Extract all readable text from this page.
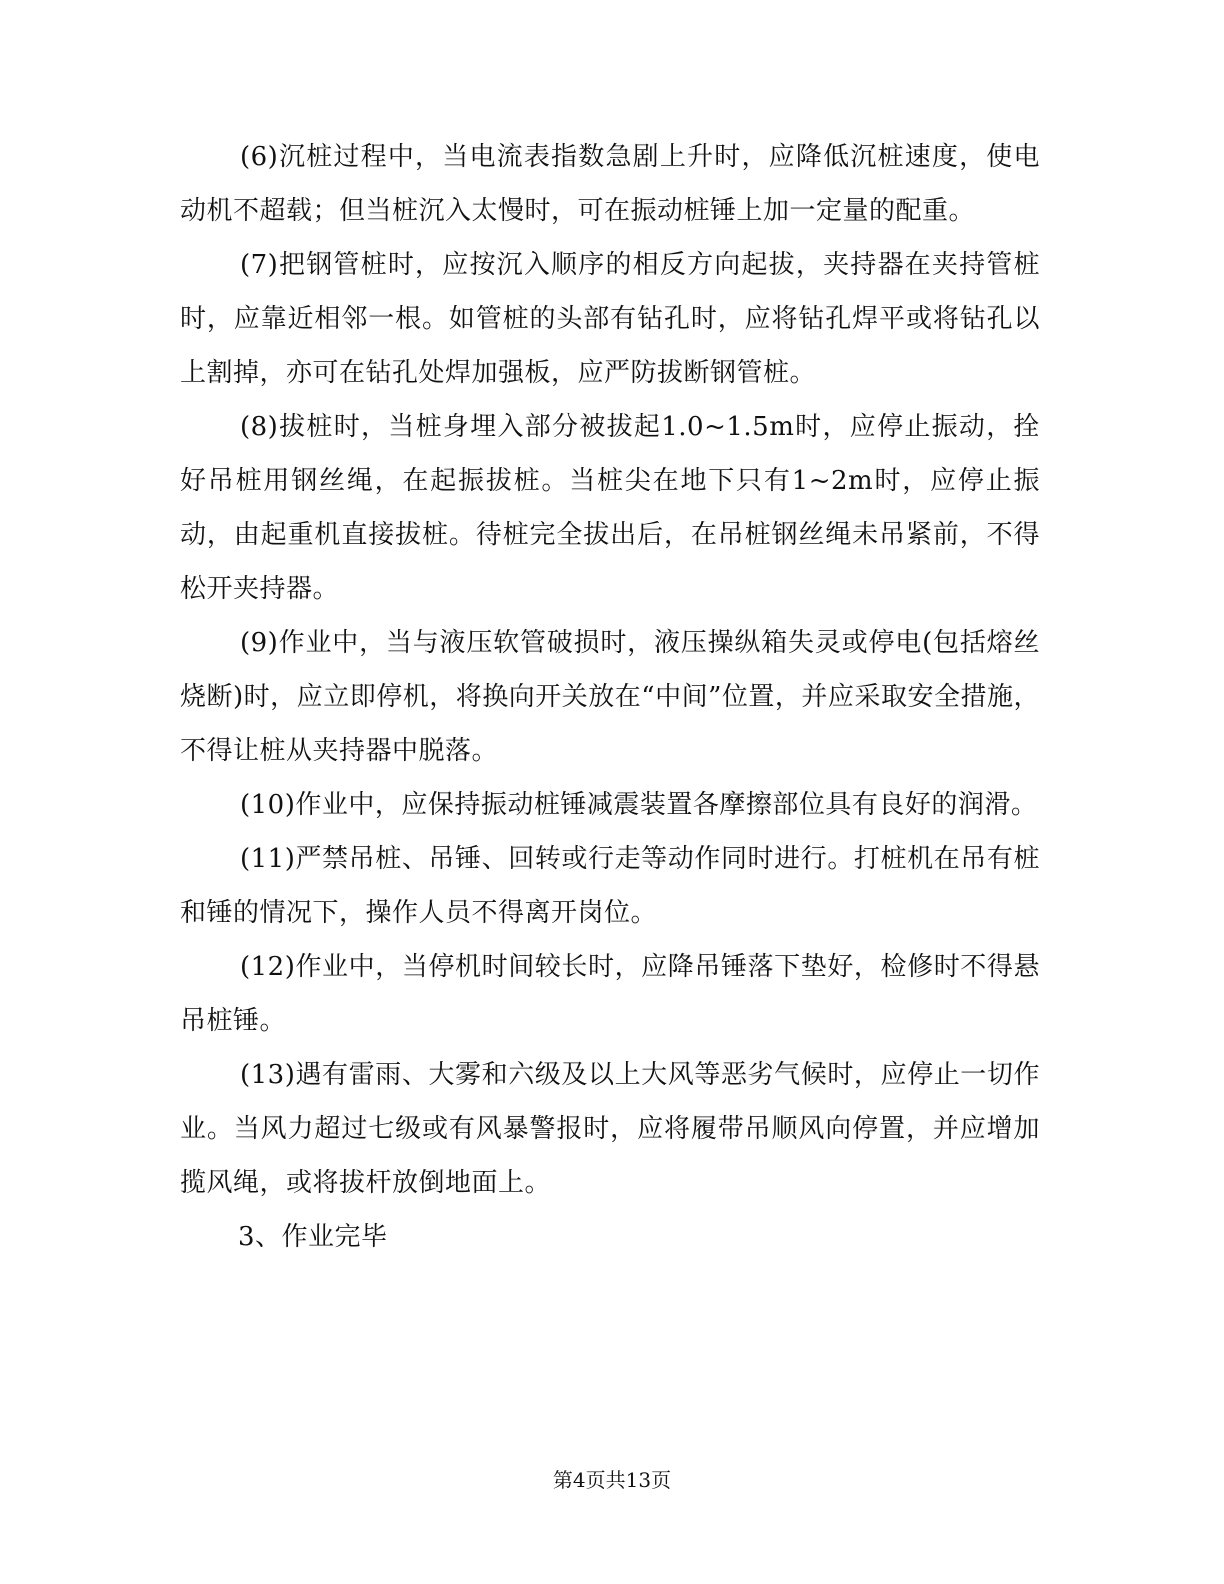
(6)沉桩过程中，当电流表指数急剧上升时，应降低沉桩速度，使电动机不超载；但当桩沉入太慢时，可在振动桩锤上加一定量的配重。

(7)把钢管桩时，应按沉入顺序的相反方向起拔，夹持器在夹持管桩时，应靠近相邻一根。如管桩的头部有钻孔时，应将钻孔焊平或将钻孔以上割掉，亦可在钻孔处焊加强板，应严防拔断钢管桩。

(8)拔桩时，当桩身埋入部分被拔起1.0~1.5m时，应停止振动，拴好吊桩用钢丝绳，在起振拔桩。当桩尖在地下只有1~2m时，应停止振动，由起重机直接拔桩。待桩完全拔出后，在吊桩钢丝绳未吊紧前，不得松开夹持器。

(9)作业中，当与液压软管破损时，液压操纵箱失灵或停电(包括熔丝烧断)时，应立即停机，将换向开关放在“中间”位置，并应采取安全措施，不得让桩从夹持器中脱落。

(10)作业中，应保持振动桩锤减震装置各摩擦部位具有良好的润滑。

(11)严禁吊桩、吊锤、回转或行走等动作同时进行。打桩机在吊有桩和锤的情况下，操作人员不得离开岗位。

(12)作业中，当停机时间较长时，应降吊锤落下垫好，检修时不得悬吊桩锤。

(13)遇有雷雨、大雾和六级及以上大风等恶劣气候时，应停止一切作业。当风力超过七级或有风暴警报时，应将履带吊顺风向停置，并应增加揽风绳，或将拔杆放倒地面上。

3、作业完毕

第4页共13页
